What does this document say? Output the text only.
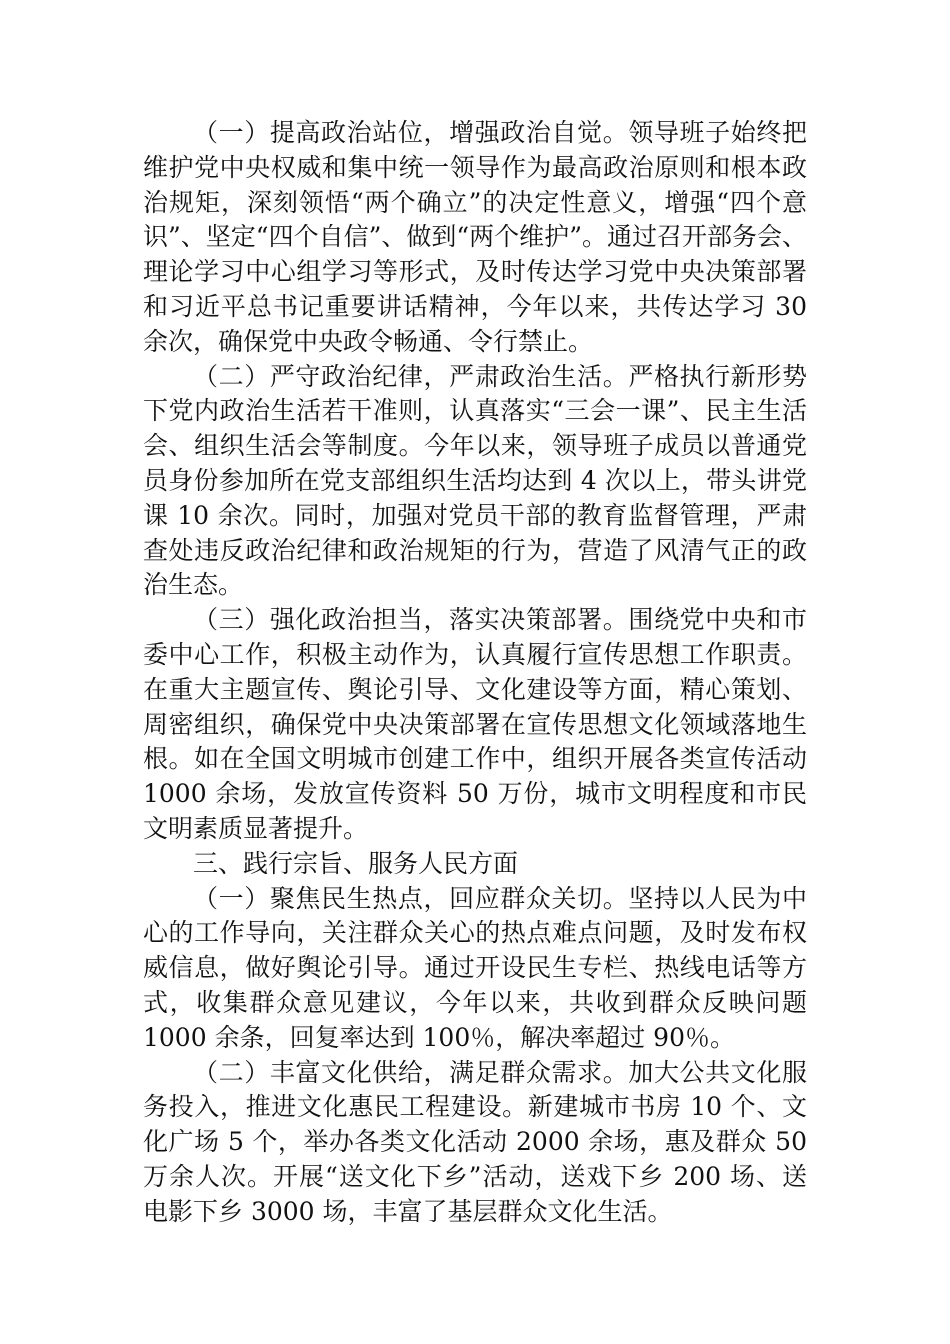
（一）提高政治站位，增强政治自觉。领导班子始终把维护党中央权威和集中统一领导作为最高政治原则和根本政治规矩，深刻领悟“两个确立”的决定性意义，增强“四个意识”、坚定“四个自信”、做到“两个维护”。通过召开部务会、理论学习中心组学习等形式，及时传达学习党中央决策部署和习近平总书记重要讲话精神，今年以来，共传达学习 30 余次，确保党中央政令畅通、令行禁止。

（二）严守政治纪律，严肃政治生活。严格执行新形势下党内政治生活若干准则，认真落实“三会一课”、民主生活会、组织生活会等制度。今年以来，领导班子成员以普通党员身份参加所在党支部组织生活均达到 4 次以上，带头讲党课 10 余次。同时，加强对党员干部的教育监督管理，严肃查处违反政治纪律和政治规矩的行为，营造了风清气正的政治生态。

（三）强化政治担当，落实决策部署。围绕党中央和市委中心工作，积极主动作为，认真履行宣传思想工作职责。在重大主题宣传、舆论引导、文化建设等方面，精心策划、周密组织，确保党中央决策部署在宣传思想文化领域落地生根。如在全国文明城市创建工作中，组织开展各类宣传活动 1000 余场，发放宣传资料 50 万份，城市文明程度和市民文明素质显著提升。

三、践行宗旨、服务人民方面

（一）聚焦民生热点，回应群众关切。坚持以人民为中心的工作导向，关注群众关心的热点难点问题，及时发布权威信息，做好舆论引导。通过开设民生专栏、热线电话等方式，收集群众意见建议，今年以来，共收到群众反映问题 1000 余条，回复率达到 100％，解决率超过 90％。

（二）丰富文化供给，满足群众需求。加大公共文化服务投入，推进文化惠民工程建设。新建城市书房 10 个、文化广场 5 个，举办各类文化活动 2000 余场，惠及群众 50 万余人次。开展“送文化下乡”活动，送戏下乡 200 场、送电影下乡 3000 场，丰富了基层群众文化生活。
